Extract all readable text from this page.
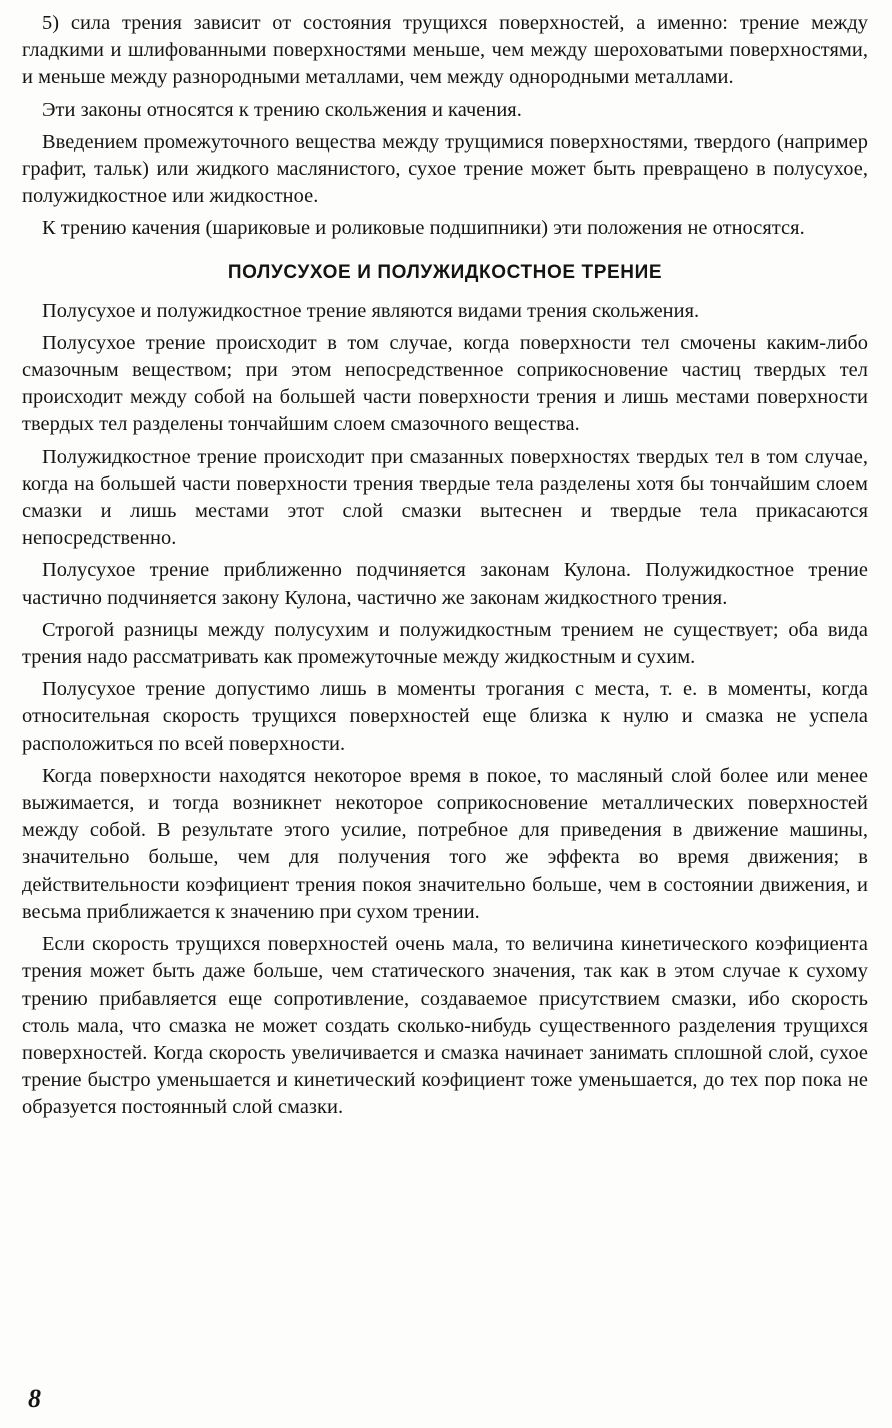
5) сила трения зависит от состояния трущихся поверхностей, а именно: трение между гладкими и шлифованными поверхностями меньше, чем между шероховатыми поверхностями, и меньше между разнородными металлами, чем между однородными металлами.

Эти законы относятся к трению скольжения и качения.

Введением промежуточного вещества между трущимися поверхностями, твердого (например графит, тальк) или жидкого маслянистого, сухое трение может быть превращено в полусухое, полужидкостное или жидкостное.

К трению качения (шариковые и роликовые подшипники) эти положения не относятся.

ПОЛУСУХОЕ И ПОЛУЖИДКОСТНОЕ ТРЕНИЕ

Полусухое и полужидкостное трение являются видами трения скольжения.

Полусухое трение происходит в том случае, когда поверхности тел смочены каким-либо смазочным веществом; при этом непосредственное соприкосновение частиц твердых тел происходит между собой на большей части поверхности трения и лишь местами поверхности твердых тел разделены тончайшим слоем смазочного вещества.

Полужидкостное трение происходит при смазанных поверхностях твердых тел в том случае, когда на большей части поверхности трения твердые тела разделены хотя бы тончайшим слоем смазки и лишь местами этот слой смазки вытеснен и твердые тела прикасаются непосредственно.

Полусухое трение приближенно подчиняется законам Кулона. Полужидкостное трение частично подчиняется закону Кулона, частично же законам жидкостного трения.

Строгой разницы между полусухим и полужидкостным трением не существует; оба вида трения надо рассматривать как промежуточные между жидкостным и сухим.

Полусухое трение допустимо лишь в моменты трогания с места, т. е. в моменты, когда относительная скорость трущихся поверхностей еще близка к нулю и смазка не успела расположиться по всей поверхности.

Когда поверхности находятся некоторое время в покое, то масляный слой более или менее выжимается, и тогда возникнет некоторое соприкосновение металлических поверхностей между собой. В результате этого усилие, потребное для приведения в движение машины, значительно больше, чем для получения того же эффекта во время движения; в действительности коэфициент трения покоя значительно больше, чем в состоянии движения, и весьма приближается к значению при сухом трении.

Если скорость трущихся поверхностей очень мала, то величина кинетического коэфициента трения может быть даже больше, чем статического значения, так как в этом случае к сухому трению прибавляется еще сопротивление, создаваемое присутствием смазки, ибо скорость столь мала, что смазка не может создать сколько-нибудь существенного разделения трущихся поверхностей. Когда скорость увеличивается и смазка начинает занимать сплошной слой, сухое трение быстро уменьшается и кинетический коэфициент тоже уменьшается, до тех пор пока не образуется постоянный слой смазки.

8
